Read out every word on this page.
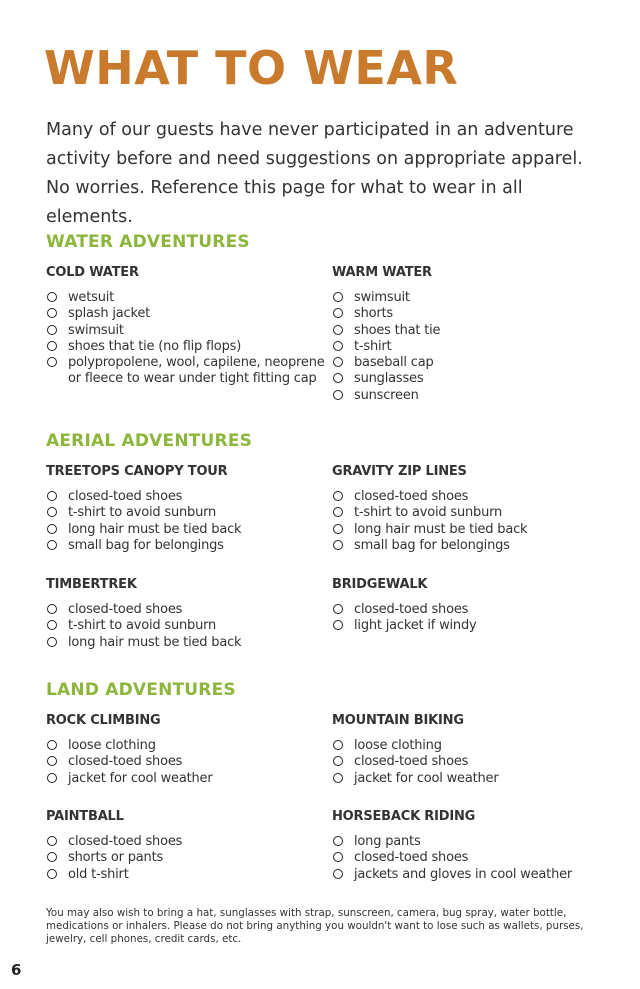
WHAT TO WEAR

Many of our guests have never participated in an adventure activity before and need suggestions on appropriate apparel. No worries. Reference this page for what to wear in all elements.

WATER ADVENTURES
COLD WATER
wetsuit
splash jacket
swimsuit
shoes that tie (no flip flops)
polypropolene, wool, capilene, neoprene or fleece to wear under tight fitting cap
WARM WATER
swimsuit
shorts
shoes that tie
t-shirt
baseball cap
sunglasses
sunscreen
AERIAL ADVENTURES
TREETOPS CANOPY TOUR
closed-toed shoes
t-shirt to avoid sunburn
long hair must be tied back
small bag for belongings
GRAVITY ZIP LINES
closed-toed shoes
t-shirt to avoid sunburn
long hair must be tied back
small bag for belongings
TIMBERTREK
closed-toed shoes
t-shirt to avoid sunburn
long hair must be tied back
BRIDGEWALK
closed-toed shoes
light jacket if windy
LAND ADVENTURES
ROCK CLIMBING
loose clothing
closed-toed shoes
jacket for cool weather
MOUNTAIN BIKING
loose clothing
closed-toed shoes
jacket for cool weather
PAINTBALL
closed-toed shoes
shorts or pants
old t-shirt
HORSEBACK RIDING
long pants
closed-toed shoes
jackets and gloves in cool weather

You may also wish to bring a hat, sunglasses with strap, sunscreen, camera, bug spray, water bottle, medications or inhalers. Please do not bring anything you wouldn't want to lose such as wallets, purses, jewelry, cell phones, credit cards, etc.

6
